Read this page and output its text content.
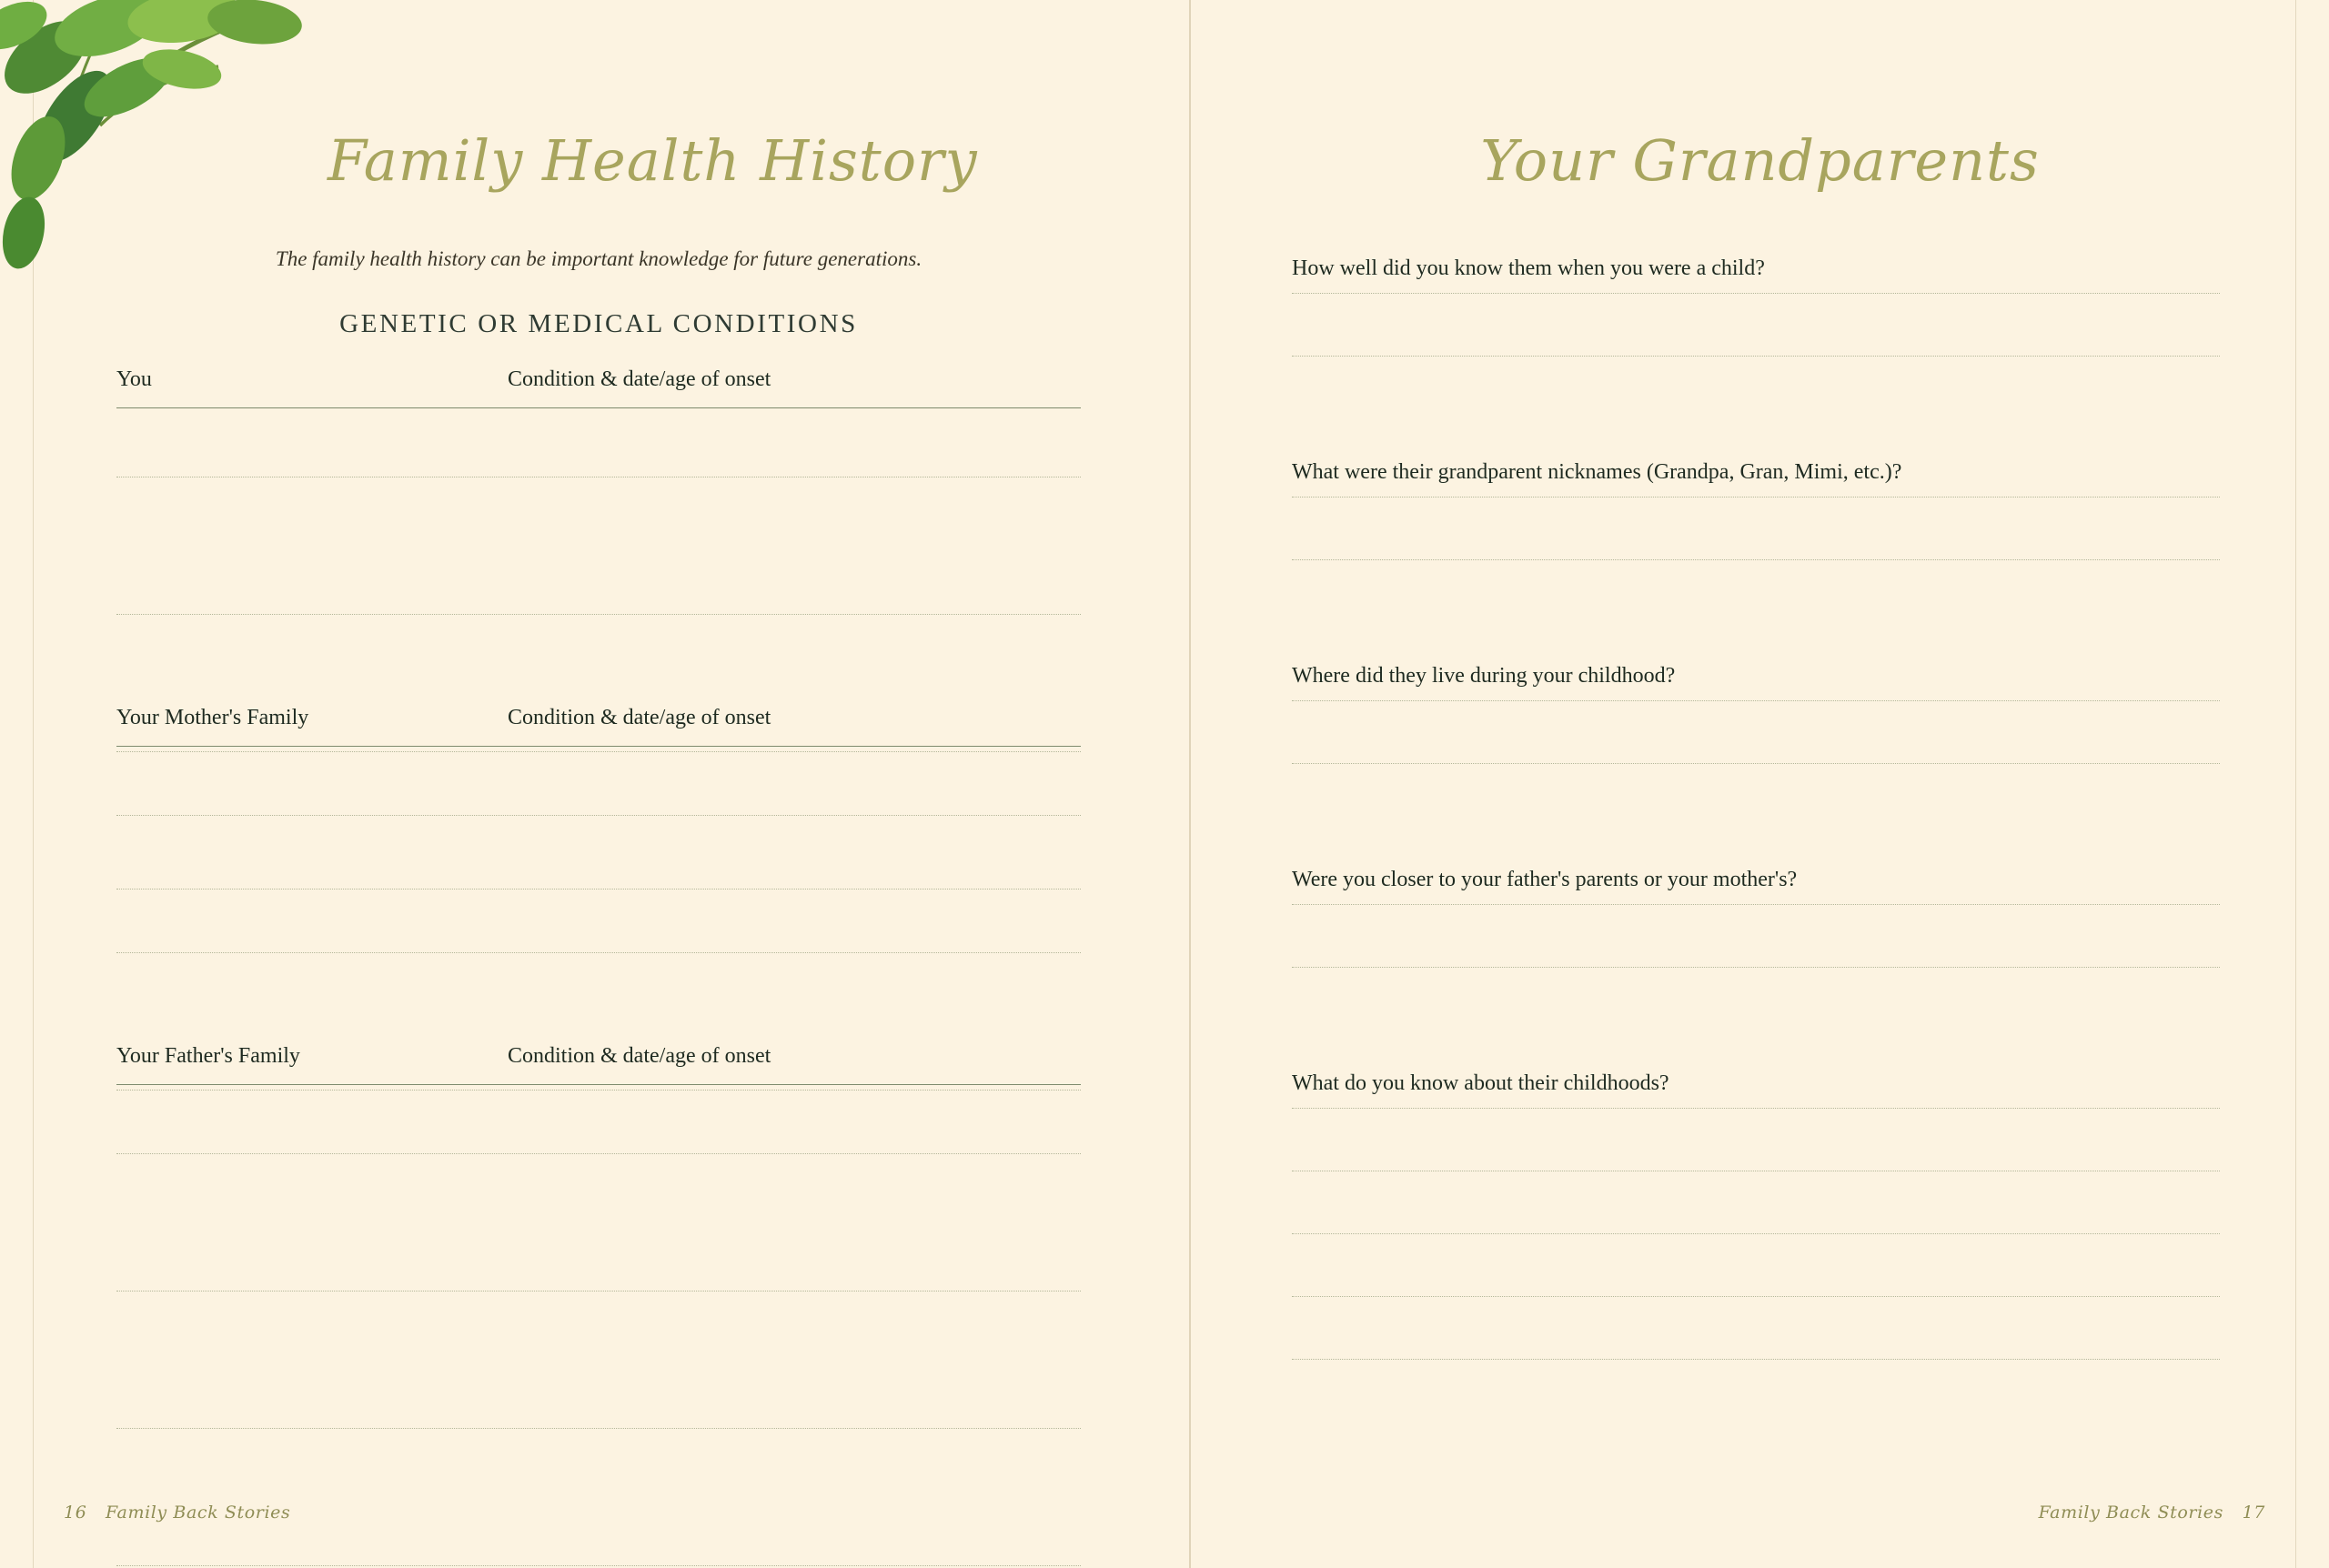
Family Health History
The family health history can be important knowledge for future generations.
GENETIC OR MEDICAL CONDITIONS
You	Condition & date/age of onset
Your Mother's Family	Condition & date/age of onset
Your Father's Family	Condition & date/age of onset
16 Family Back Stories
Your Grandparents
How well did you know them when you were a child?
What were their grandparent nicknames (Grandpa, Gran, Mimi, etc.)?
Where did they live during your childhood?
Were you closer to your father's parents or your mother's?
What do you know about their childhoods?
Family Back Stories 17
